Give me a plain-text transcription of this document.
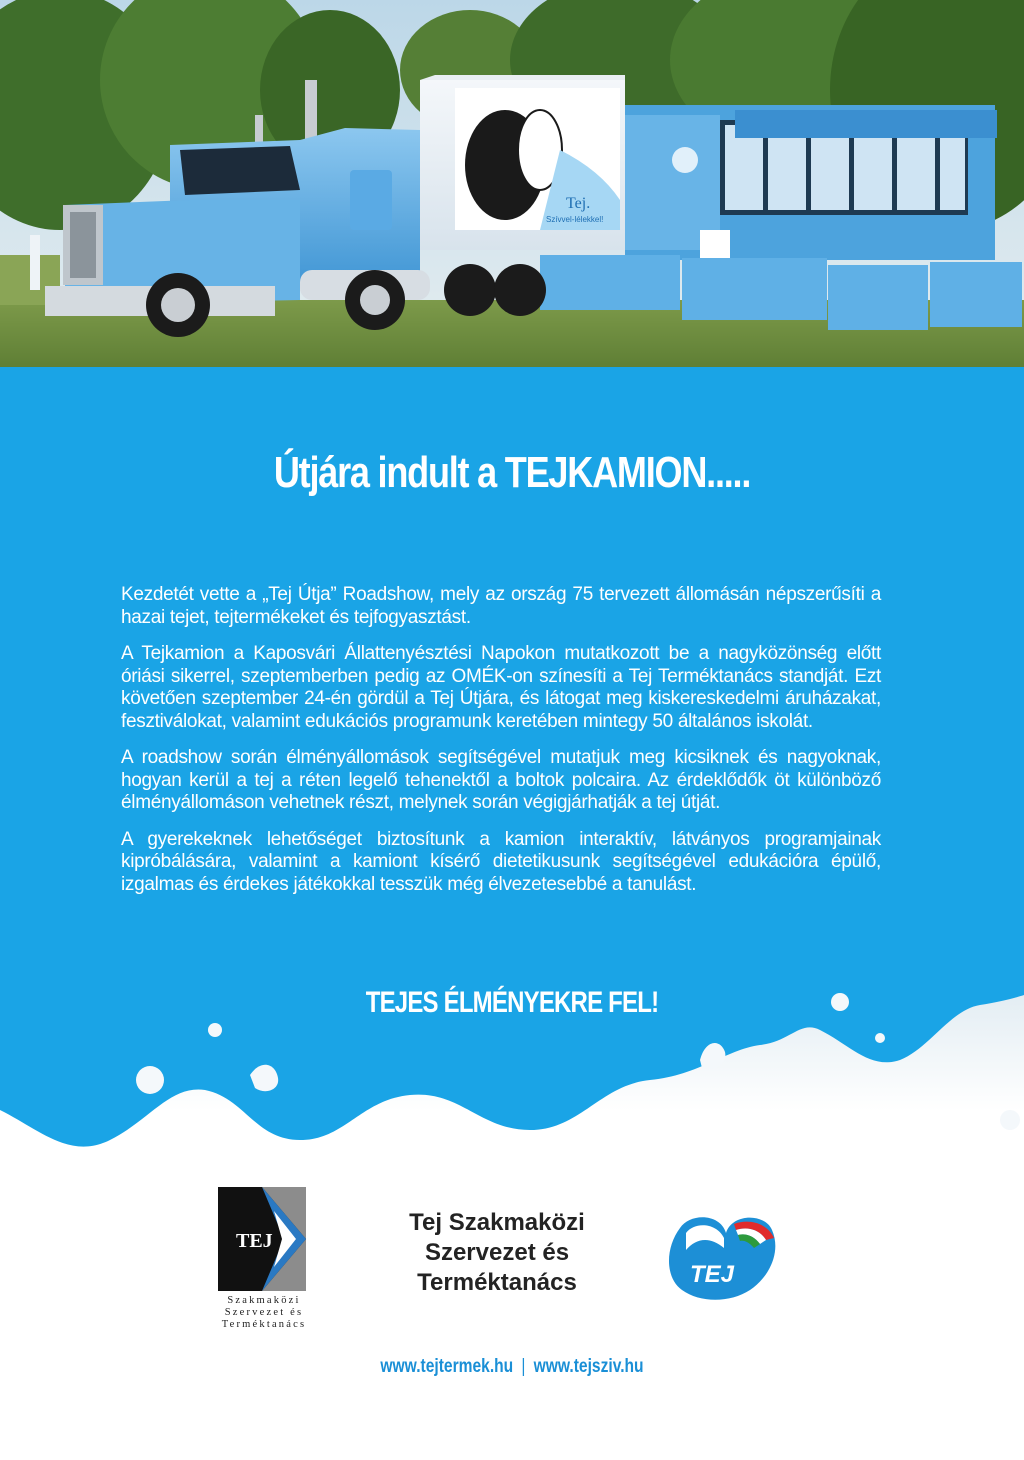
Tej.
Szívvel-lélekkel!
Útjára indult a TEJKAMION.....

Kezdetét vette a „Tej Útja” Roadshow, mely az ország 75 tervezett állomásán népszerűsíti a hazai tejet, tejtermékeket és tejfogyasztást.

A Tejkamion a Kaposvári Állattenyésztési Napokon mutatkozott be a nagyközönség előtt óriási sikerrel, szeptemberben pedig az OMÉK-on színesíti a Tej Terméktanács standját. Ezt követően szeptember 24-én gördül a Tej Útjára, és látogat meg kiskereskedelmi áruházakat, fesztiválokat, valamint edukációs programunk keretében mintegy 50 általános iskolát.

A roadshow során élményállomások segítségével mutatjuk meg kicsiknek és nagyoknak, hogyan kerül a tej a réten legelő tehenektől a boltok polcaira. Az érdeklődők öt különböző élményállomáson vehetnek részt, melynek során végigjárhatják a tej útját.

A gyerekeknek lehetőséget biztosítunk a kamion interaktív, látványos programjainak kipróbálására, valamint a kamiont kísérő dietetikusunk segítségével edukációra épülő, izgalmas és érdekes játékokkal tesszük még élvezetesebbé a tanulást.

TEJES ÉLMÉNYEKRE FEL!
TEJ
Szakmaközi
Szervezet és
Terméktanács
Tej Szakmaközi
Szervezet és
Terméktanács	TEJ
www.tejtermek.hu | www.tejsziv.hu
